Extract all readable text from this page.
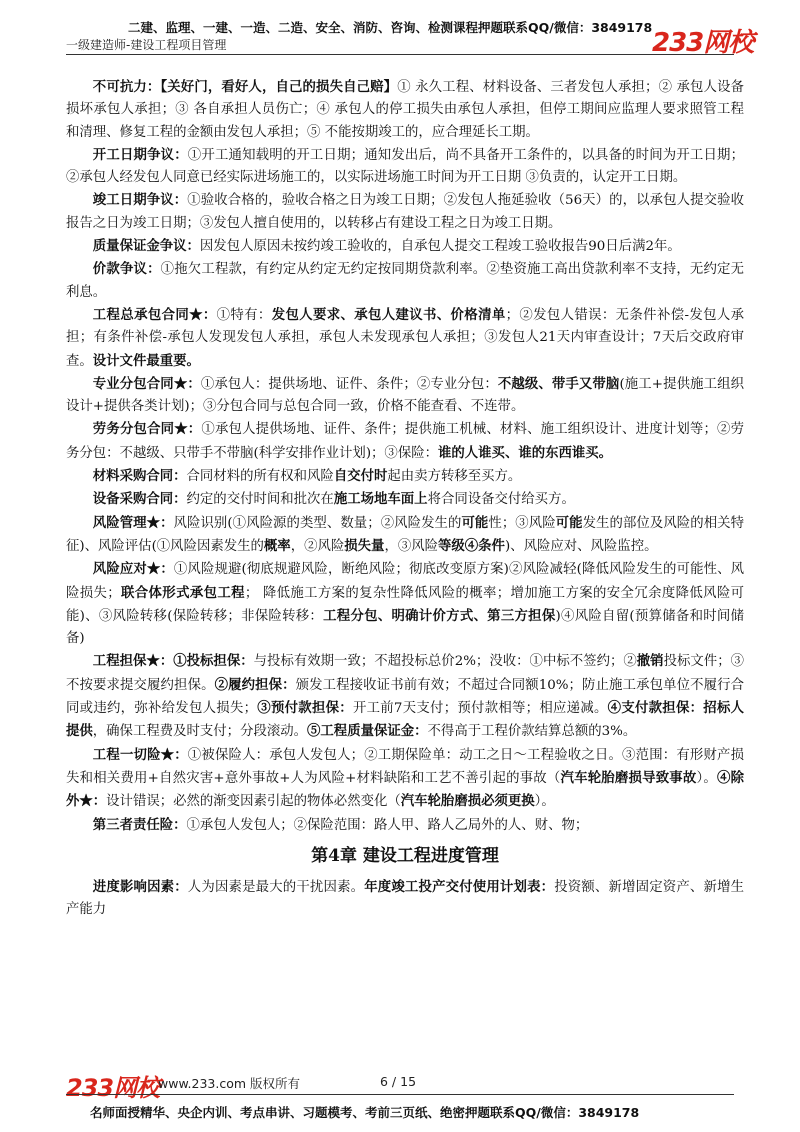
二建、监理、一建、一造、二造、安全、消防、咨询、检测课程押题联系QQ/微信：3849178
一级建造师-建设工程项目管理	233网校

不可抗力：【关好门，看好人，自己的损失自己赔】① 永久工程、材料设备、三者发包人承担；② 承包人设备损坏承包人承担；③ 各自承担人员伤亡；④ 承包人的停工损失由承包人承担，但停工期间应监理人要求照管工程和清理、修复工程的金额由发包人承担；⑤ 不能按期竣工的，应合理延长工期。

开工日期争议：①开工通知载明的开工日期；通知发出后，尚不具备开工条件的，以具备的时间为开工日期；②承包人经发包人同意已经实际进场施工的，以实际进场施工时间为开工日期 ③负责的，认定开工日期。

竣工日期争议：①验收合格的，验收合格之日为竣工日期；②发包人拖延验收（56天）的，以承包人提交验收报告之日为竣工日期；③发包人擅自使用的，以转移占有建设工程之日为竣工日期。

质量保证金争议：因发包人原因未按约竣工验收的，自承包人提交工程竣工验收报告90日后满2年。

价款争议：①拖欠工程款，有约定从约定无约定按同期贷款利率。②垫资施工高出贷款利率不支持，无约定无利息。

工程总承包合同★：①特有：发包人要求、承包人建议书、价格清单；②发包人错误：无条件补偿-发包人承担；有条件补偿-承包人发现发包人承担，承包人未发现承包人承担；③发包人21天内审查设计；7天后交政府审查。设计文件最重要。

专业分包合同★：①承包人：提供场地、证件、条件；②专业分包：不越级、带手又带脑(施工+提供施工组织设计+提供各类计划)；③分包合同与总包合同一致，价格不能查看、不连带。

劳务分包合同★：①承包人提供场地、证件、条件；提供施工机械、材料、施工组织设计、进度计划等；②劳务分包：不越级、只带手不带脑(科学安排作业计划)；③保险：谁的人谁买、谁的东西谁买。

材料采购合同：合同材料的所有权和风险自交付时起由卖方转移至买方。

设备采购合同：约定的交付时间和批次在施工场地车面上将合同设备交付给买方。

风险管理★：风险识别(①风险源的类型、数量；②风险发生的可能性；③风险可能发生的部位及风险的相关特征)、风险评估(①风险因素发生的概率，②风险损失量，③风险等级④条件)、风险应对、风险监控。

风险应对★：①风险规避(彻底规避风险，断绝风险；彻底改变原方案)②风险减轻(降低风险发生的可能性、风险损失；联合体形式承包工程； 降低施工方案的复杂性降低风险的概率；增加施工方案的安全冗余度降低风险可能)、③风险转移(保险转移；非保险转移：工程分包、明确计价方式、第三方担保)④风险自留(预算储备和时间储备)

工程担保★：①投标担保：与投标有效期一致；不超投标总价2%；没收：①中标不签约；②撤销投标文件；③不按要求提交履约担保。②履约担保：颁发工程接收证书前有效；不超过合同额10%；防止施工承包单位不履行合同或违约，弥补给发包人损失；③预付款担保：开工前7天支付；预付款相等；相应递减。④支付款担保：招标人提供，确保工程费及时支付；分段滚动。⑤工程质量保证金：不得高于工程价款结算总额的3%。

工程一切险★：①被保险人：承包人发包人；②工期保险单：动工之日～工程验收之日。③范围：有形财产损失和相关费用+自然灾害+意外事故+人为风险+材料缺陷和工艺不善引起的事故（汽车轮胎磨损导致事故）。④除外★：设计错误；必然的渐变因素引起的物体必然变化（汽车轮胎磨损必须更换）。

第三者责任险：①承包人发包人；②保险范围：路人甲、路人乙局外的人、财、物；

第4章 建设工程进度管理

进度影响因素：人为因素是最大的干扰因素。年度竣工投产交付使用计划表：投资额、新增固定资产、新增生产能力

233网校
www.233.com 版权所有	6 / 15
名师面授精华、央企内训、考点串讲、习题模考、考前三页纸、绝密押题联系QQ/微信：3849178
